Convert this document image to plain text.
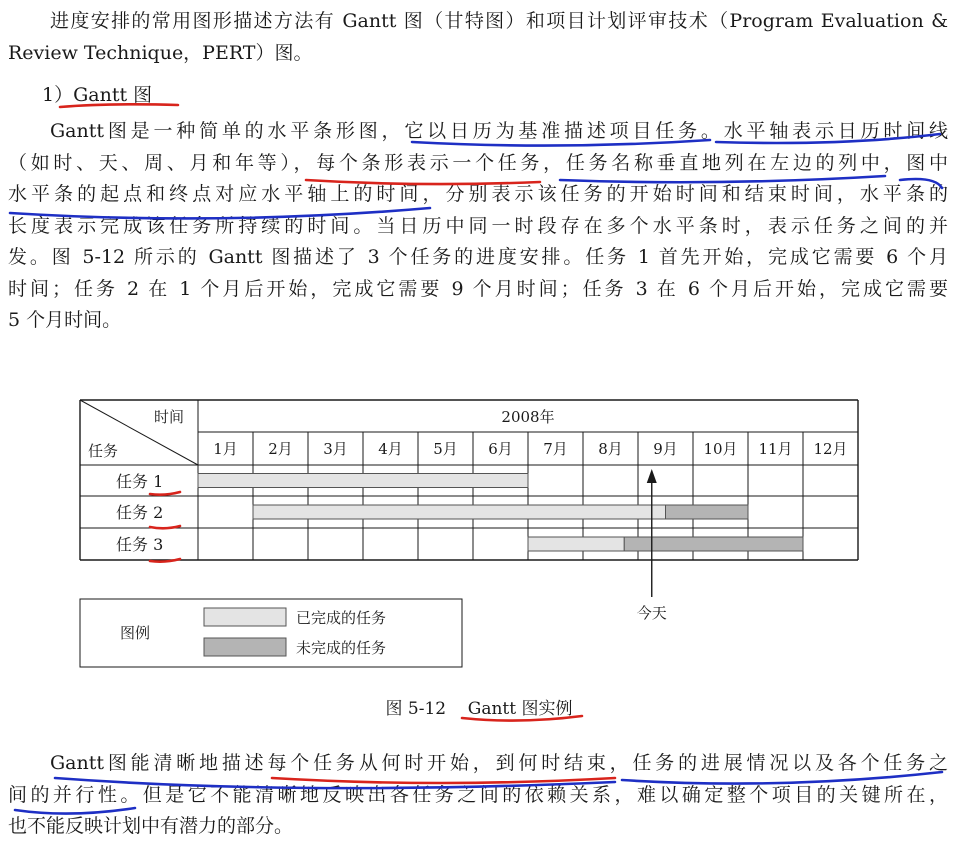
进度安排的常用图形描述方法有 Gantt 图（甘特图）和项目计划评审技术（Program Evaluation &
Review Technique，PERT）图。
1）Gantt 图
Gantt图是一种简单的水平条形图，它以日历为基准描述项目任务。水平轴表示日历时间线
（如时、天、周、月和年等），每个条形表示一个任务，任务名称垂直地列在左边的列中，图中
水平条的起点和终点对应水平轴上的时间，分别表示该任务的开始时间和结束时间，水平条的
长度表示完成该任务所持续的时间。当日历中同一时段存在多个水平条时，表示任务之间的并
发。图 5-12 所示的 Gantt 图描述了 3 个任务的进度安排。任务 1 首先开始，完成它需要 6 个月
时间；任务 2 在 1 个月后开始，完成它需要 9 个月时间；任务 3 在 6 个月后开始，完成它需要
5 个月时间。
时间
任务
2008年
1月 2月 3月 4月 5月 6月 7月 8月 9月 10月 11月 12月
任务 1
任务 2
任务 3
今天
图例
已完成的任务
未完成的任务
图 5-12 Gantt 图实例
Gantt图能清晰地描述每个任务从何时开始，到何时结束，任务的进展情况以及各个任务之
间的并行性。但是它不能清晰地反映出各任务之间的依赖关系，难以确定整个项目的关键所在，
也不能反映计划中有潜力的部分。
